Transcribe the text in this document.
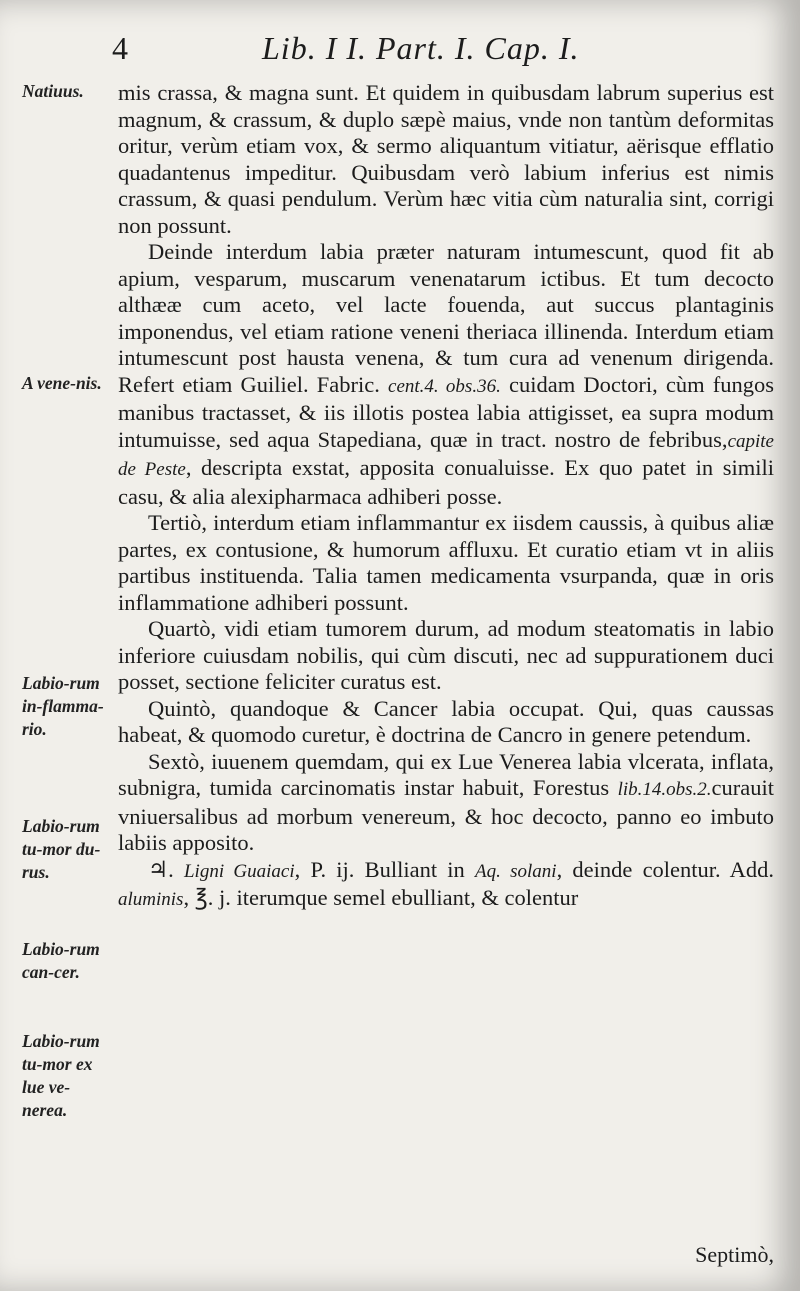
4	Lib. I I. Part. I. Cap. I.
Natiuus.
A vene-nis.
Labio-rum in-flamma-rio.
Labio-rum tu-mor du-rus.
Labio-rum can-cer.
Labio-rum tu-mor ex lue ve-nerea.

mis crassa, & magna sunt. Et quidem in quibusdam labrum superius est magnum, & crassum, & duplo sæpè maius, vnde non tantùm deformitas oritur, verùm etiam vox, & sermo aliquantum vitiatur, aërisque efflatio quadantenus impeditur. Quibusdam verò labium inferius est nimis crassum, & quasi pendulum. Verùm hæc vitia cùm naturalia sint, corrigi non possunt.

Deinde interdum labia præter naturam intumescunt, quod fit ab apium, vesparum, muscarum venenatarum ictibus. Et tum decocto althææ cum aceto, vel lacte fouenda, aut succus plantaginis imponendus, vel etiam ratione veneni theriaca illinenda. Interdum etiam intumescunt post hausta venena, & tum cura ad venenum dirigenda. Refert etiam Guiliel. Fabric. cent.4. obs.36. cuidam Doctori, cùm fungos manibus tractasset, & iis illotis postea labia attigisset, ea supra modum intumuisse, sed aqua Stapediana, quæ in tract. nostro de febribus,capite de Peste, descripta exstat, apposita conualuisse. Ex quo patet in simili casu, & alia alexipharmaca adhiberi posse.

Tertiò, interdum etiam inflammantur ex iisdem caussis, à quibus aliæ partes, ex contusione, & humorum affluxu. Et curatio etiam vt in aliis partibus instituenda. Talia tamen medicamenta vsurpanda, quæ in oris inflammatione adhiberi possunt.

Quartò, vidi etiam tumorem durum, ad modum steatomatis in labio inferiore cuiusdam nobilis, qui cùm discuti, nec ad suppurationem duci posset, sectione feliciter curatus est.

Quintò, quandoque & Cancer labia occupat. Qui, quas caussas habeat, & quomodo curetur, è doctrina de Cancro in genere petendum.

Sextò, iuuenem quemdam, qui ex Lue Venerea labia vlcerata, inflata, subnigra, tumida carcinomatis instar habuit, Forestus lib.14.obs.2.curauit vniuersalibus ad morbum venereum, & hoc decocto, panno eo imbuto labiis apposito.

♃. Ligni Guaiaci, P. ij. Bulliant in Aq. solani, deinde colentur. Add. aluminis, ℥. j. iterumque semel ebulliant, & colentur

Septimò,
